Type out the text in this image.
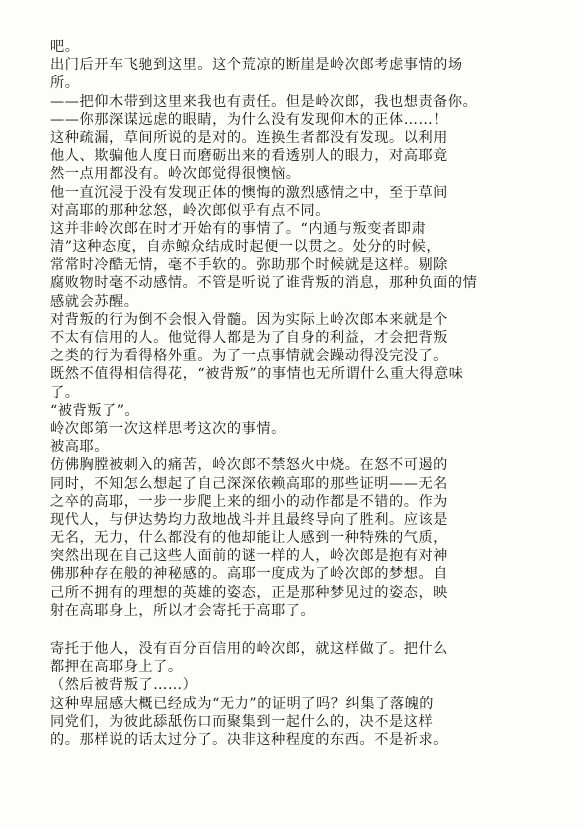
吧。
出门后开车飞驰到这里。这个荒凉的断崖是岭次郎考虑事情的场
所。
——把仰木带到这里来我也有责任。但是岭次郎，我也想责备你。
——你那深谋远虑的眼睛，为什么没有发现仰木的正体……！
这种疏漏，草间所说的是对的。连换生者都没有发现。以利用
他人、欺骗他人度日而磨砺出来的看透别人的眼力，对高耶竟
然一点用都没有。岭次郎觉得很懊恼。
他一直沉浸于没有发现正体的懊悔的激烈感情之中，至于草间
对高耶的那种忿怒，岭次郎似乎有点不同。
这并非岭次郎在时才开始有的事情了。“内通与叛变者即肃
清”这种态度，自赤鲸众结成时起便一以贯之。处分的时候，
常常时冷酷无情，毫不手软的。弥助那个时候就是这样。剔除
腐败物时毫不动感情。不管是听说了谁背叛的消息，那种负面的情
感就会苏醒。
对背叛的行为倒不会恨入骨髓。因为实际上岭次郎本来就是个
不太有信用的人。他觉得人都是为了自身的利益，才会把背叛
之类的行为看得格外重。为了一点事情就会躁动得没完没了。
既然不值得相信得花，“被背叛”的事情也无所谓什么重大得意味
了。
“被背叛了”。
岭次郎第一次这样思考这次的事情。
被高耶。
仿佛胸膛被刺入的痛苦，岭次郎不禁怒火中烧。在怒不可遏的
同时，不知怎么想起了自己深深依赖高耶的那些证明——无名
之卒的高耶，一步一步爬上来的细小的动作都是不错的。作为
现代人，与伊达势均力敌地战斗并且最终导向了胜利。应该是
无名，无力，什么都没有的他却能让人感到一种特殊的气质，
突然出现在自己这些人面前的谜一样的人，岭次郎是抱有对神
佛那种存在般的神秘感的。高耶一度成为了岭次郎的梦想。自
己所不拥有的理想的英雄的姿态，正是那种梦见过的姿态，映
射在高耶身上，所以才会寄托于高耶了。
寄托于他人，没有百分百信用的岭次郎，就这样做了。把什么
都押在高耶身上了。
（然后被背叛了……）
这种卑屈感大概已经成为“无力”的证明了吗？纠集了落魄的
同党们，为彼此舔舐伤口而聚集到一起什么的，决不是这样
的。那样说的话太过分了。决非这种程度的东西。不是祈求。
